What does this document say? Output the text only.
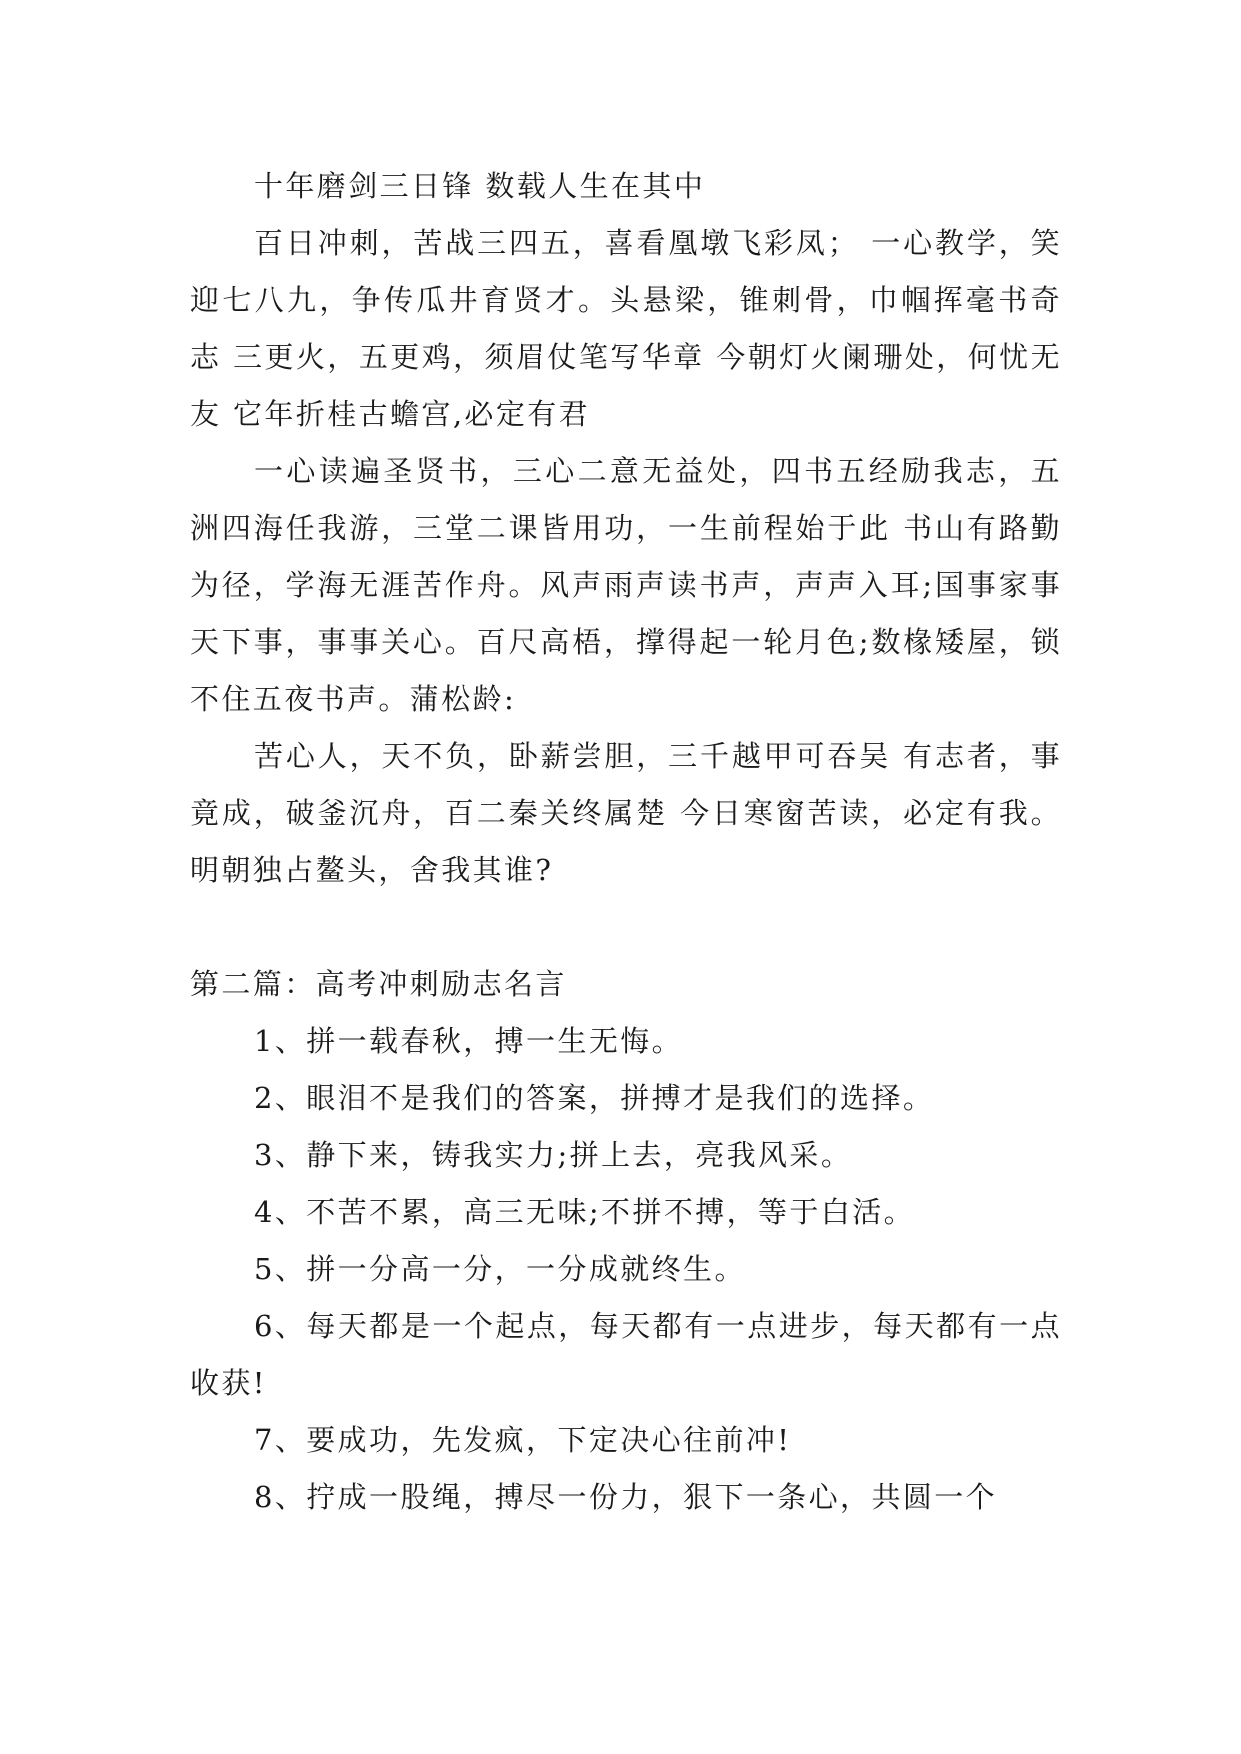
十年磨剑三日锋 数载人生在其中

百日冲刺，苦战三四五，喜看凰墩飞彩凤； 一心教学，笑迎七八九，争传瓜井育贤才。头悬梁，锥刺骨，巾帼挥毫书奇志 三更火，五更鸡，须眉仗笔写华章 今朝灯火阑珊处，何忧无友 它年折桂古蟾宫,必定有君

一心读遍圣贤书，三心二意无益处，四书五经励我志，五洲四海任我游，三堂二课皆用功，一生前程始于此 书山有路勤为径，学海无涯苦作舟。风声雨声读书声，声声入耳;国事家事天下事，事事关心。百尺高梧，撑得起一轮月色;数椽矮屋，锁不住五夜书声。蒲松龄:

苦心人，天不负，卧薪尝胆，三千越甲可吞吴 有志者，事竟成，破釜沉舟，百二秦关终属楚 今日寒窗苦读，必定有我。明朝独占鳌头，舍我其谁?

第二篇：高考冲刺励志名言

1、拼一载春秋，搏一生无悔。

2、眼泪不是我们的答案，拼搏才是我们的选择。

3、静下来，铸我实力;拼上去，亮我风采。

4、不苦不累，高三无味;不拼不搏，等于白活。

5、拼一分高一分，一分成就终生。

6、每天都是一个起点，每天都有一点进步，每天都有一点收获!

7、要成功，先发疯，下定决心往前冲!

8、拧成一股绳，搏尽一份力，狠下一条心，共圆一个
